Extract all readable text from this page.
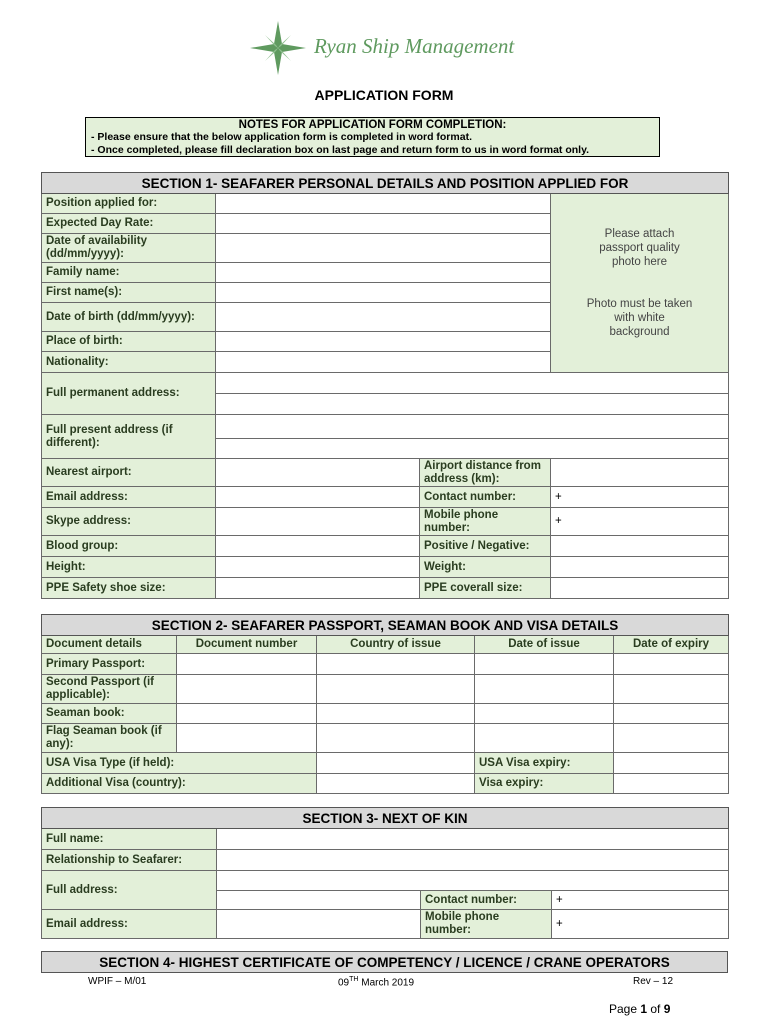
Ryan Ship Management
APPLICATION FORM
NOTES FOR APPLICATION FORM COMPLETION:
- Please ensure that the below application form is completed in word format.
- Once completed, please fill declaration box on last page and return form to us in word format only.
SECTION 1- SEAFARER PERSONAL DETAILS AND POSITION APPLIED FOR			
Position applied for:			Please attach passport quality photo here
Photo must be taken with white background

Expected Day Rate:			
Date of availability (dd/mm/yyyy):			
Family name:			
First name(s):			
Date of birth (dd/mm/yyyy):			
Place of birth:			
Nationality:			
Full permanent address:			

Full present address (if different):			

Nearest airport:		Airport distance from address (km):	
Email address:		Contact number:	+
Skype address:		Mobile phone number:	+
Blood group:		Positive / Negative:	
Height:		Weight:	
PPE Safety shoe size:		PPE coverall size:	
SECTION 2- SEAFARER PASSPORT, SEAMAN BOOK AND VISA DETAILS				
Document details	Document number	Country of issue	Date of issue	Date of expiry
Primary Passport:				
Second Passport (if applicable):				
Seaman book:				
Flag Seaman book (if any):				
USA Visa Type (if held):			USA Visa expiry:	
Additional Visa (country):			Visa expiry:	
SECTION 3- NEXT OF KIN			
Full name:			
Relationship to Seafarer:			
Full address:			
		Contact number:	+
Email address:		Mobile phone number:	+
SECTION 4- HIGHEST CERTIFICATE OF COMPETENCY / LICENCE / CRANE OPERATORS
WPIF – M/01	09TH March 2019	Rev – 12
Page 1 of 9
